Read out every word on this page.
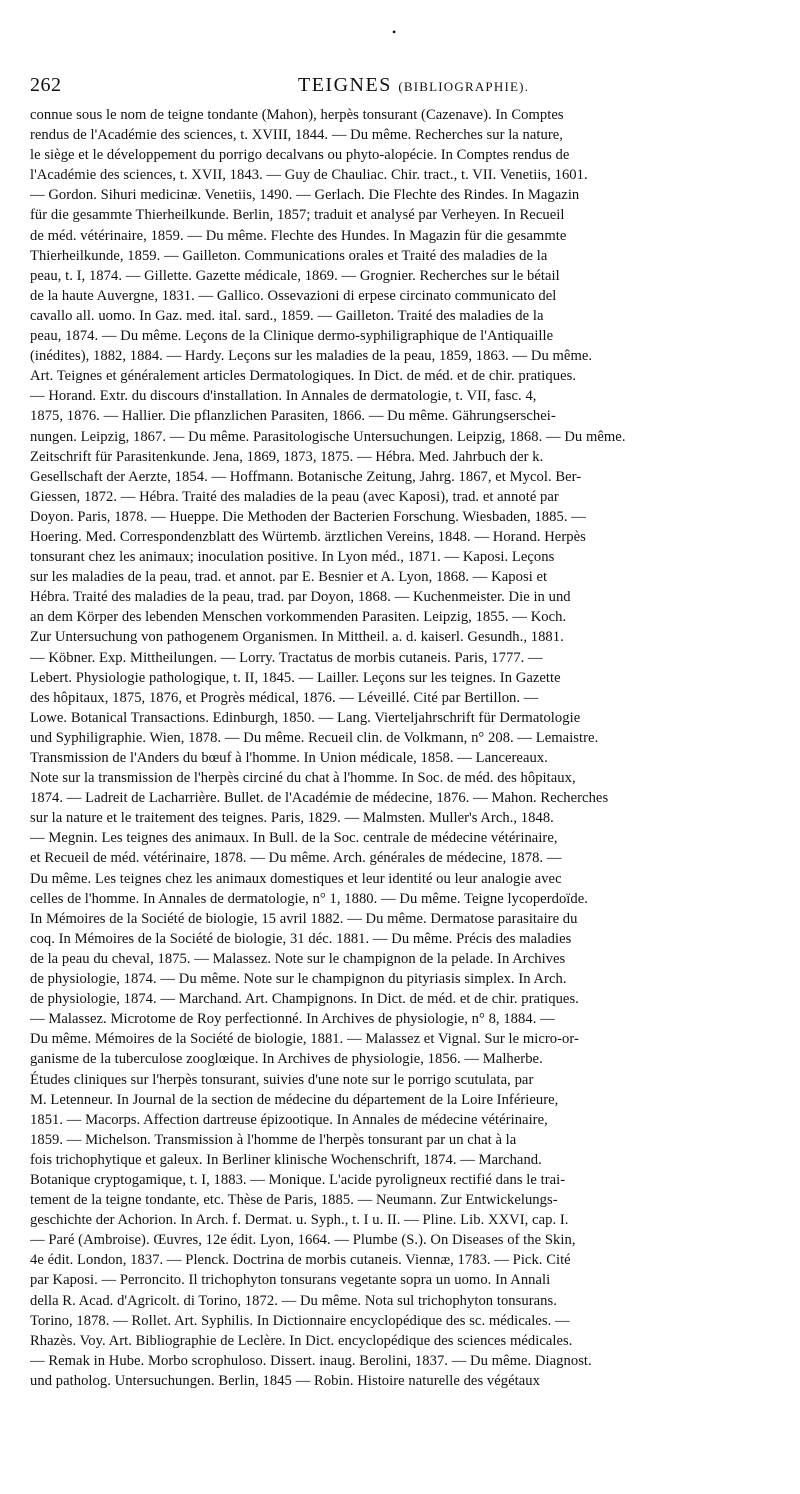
•
262	TEIGNES (BIBLIOGRAPHIE).

connue sous le nom de teigne tondante (Mahon), herpès tonsurant (Cazenave). In Comptes

rendus de l'Académie des sciences, t. XVIII, 1844. — Du même. Recherches sur la nature,

le siège et le développement du porrigo decalvans ou phyto-alopécie. In Comptes rendus de

l'Académie des sciences, t. XVII, 1843. — Guy de Chauliac. Chir. tract., t. VII. Venetiis, 1601.

— Gordon. Sihuri medicinæ. Venetiis, 1490. — Gerlach. Die Flechte des Rindes. In Magazin

für die gesammte Thierheilkunde. Berlin, 1857; traduit et analysé par Verheyen. In Recueil

de méd. vétérinaire, 1859. — Du même. Flechte des Hundes. In Magazin für die gesammte

Thierheilkunde, 1859. — Gailleton. Communications orales et Traité des maladies de la

peau, t. I, 1874. — Gillette. Gazette médicale, 1869. — Grognier. Recherches sur le bétail

de la haute Auvergne, 1831. — Gallico. Ossevazioni di erpese circinato communicato del

cavallo all. uomo. In Gaz. med. ital. sard., 1859. — Gailleton. Traité des maladies de la

peau, 1874. — Du même. Leçons de la Clinique dermo-syphiligraphique de l'Antiquaille

(inédites), 1882, 1884. — Hardy. Leçons sur les maladies de la peau, 1859, 1863. — Du même.

Art. Teignes et généralement articles Dermatologiques. In Dict. de méd. et de chir. pratiques.

— Horand. Extr. du discours d'installation. In Annales de dermatologie, t. VII, fasc. 4,

1875, 1876. — Hallier. Die pflanzlichen Parasiten, 1866. — Du même. Gährungserschei-

nungen. Leipzig, 1867. — Du même. Parasitologische Untersuchungen. Leipzig, 1868. — Du même.

Zeitschrift für Parasitenkunde. Jena, 1869, 1873, 1875. — Hébra. Med. Jahrbuch der k.

Gesellschaft der Aerzte, 1854. — Hoffmann. Botanische Zeitung, Jahrg. 1867, et Mycol. Ber-

Giessen, 1872. — Hébra. Traité des maladies de la peau (avec Kaposi), trad. et annoté par

Doyon. Paris, 1878. — Hueppe. Die Methoden der Bacterien Forschung. Wiesbaden, 1885. —

Hoering. Med. Correspondenzblatt des Würtemb. ärztlichen Vereins, 1848. — Horand. Herpès

tonsurant chez les animaux; inoculation positive. In Lyon méd., 1871. — Kaposi. Leçons

sur les maladies de la peau, trad. et annot. par E. Besnier et A. Lyon, 1868. — Kaposi et

Hébra. Traité des maladies de la peau, trad. par Doyon, 1868. — Kuchenmeister. Die in und

an dem Körper des lebenden Menschen vorkommenden Parasiten. Leipzig, 1855. — Koch.

Zur Untersuchung von pathogenem Organismen. In Mittheil. a. d. kaiserl. Gesundh., 1881.

— Köbner. Exp. Mittheilungen. — Lorry. Tractatus de morbis cutaneis. Paris, 1777. —

Lebert. Physiologie pathologique, t. II, 1845. — Lailler. Leçons sur les teignes. In Gazette

des hôpitaux, 1875, 1876, et Progrès médical, 1876. — Léveillé. Cité par Bertillon. —

Lowe. Botanical Transactions. Edinburgh, 1850. — Lang. Vierteljahrschrift für Dermatologie

und Syphiligraphie. Wien, 1878. — Du même. Recueil clin. de Volkmann, n° 208. — Lemaistre.

Transmission de l'Anders du bœuf à l'homme. In Union médicale, 1858. — Lancereaux.

Note sur la transmission de l'herpès circiné du chat à l'homme. In Soc. de méd. des hôpitaux,

1874. — Ladreit de Lacharrière. Bullet. de l'Académie de médecine, 1876. — Mahon. Recherches

sur la nature et le traitement des teignes. Paris, 1829. — Malmsten. Muller's Arch., 1848.

— Megnin. Les teignes des animaux. In Bull. de la Soc. centrale de médecine vétérinaire,

et Recueil de méd. vétérinaire, 1878. — Du même. Arch. générales de médecine, 1878. —

Du même. Les teignes chez les animaux domestiques et leur identité ou leur analogie avec

celles de l'homme. In Annales de dermatologie, n° 1, 1880. — Du même. Teigne lycoperdoïde.

In Mémoires de la Société de biologie, 15 avril 1882. — Du même. Dermatose parasitaire du

coq. In Mémoires de la Société de biologie, 31 déc. 1881. — Du même. Précis des maladies

de la peau du cheval, 1875. — Malassez. Note sur le champignon de la pelade. In Archives

de physiologie, 1874. — Du même. Note sur le champignon du pityriasis simplex. In Arch.

de physiologie, 1874. — Marchand. Art. Champignons. In Dict. de méd. et de chir. pratiques.

— Malassez. Microtome de Roy perfectionné. In Archives de physiologie, n° 8, 1884. —

Du même. Mémoires de la Société de biologie, 1881. — Malassez et Vignal. Sur le micro-or-

ganisme de la tuberculose zooglœique. In Archives de physiologie, 1856. — Malherbe.

Études cliniques sur l'herpès tonsurant, suivies d'une note sur le porrigo scutulata, par

M. Letenneur. In Journal de la section de médecine du département de la Loire Inférieure,

1851. — Macorps. Affection dartreuse épizootique. In Annales de médecine vétérinaire,

1859. — Michelson. Transmission à l'homme de l'herpès tonsurant par un chat à la

fois trichophytique et galeux. In Berliner klinische Wochenschrift, 1874. — Marchand.

Botanique cryptogamique, t. I, 1883. — Monique. L'acide pyroligneux rectifié dans le trai-

tement de la teigne tondante, etc. Thèse de Paris, 1885. — Neumann. Zur Entwickelungs-

geschichte der Achorion. In Arch. f. Dermat. u. Syph., t. I u. II. — Pline. Lib. XXVI, cap. I.

— Paré (Ambroise). Œuvres, 12e édit. Lyon, 1664. — Plumbe (S.). On Diseases of the Skin,

4e édit. London, 1837. — Plenck. Doctrina de morbis cutaneis. Viennæ, 1783. — Pick. Cité

par Kaposi. — Perroncito. Il trichophyton tonsurans vegetante sopra un uomo. In Annali

della R. Acad. d'Agricolt. di Torino, 1872. — Du même. Nota sul trichophyton tonsurans.

Torino, 1878. — Rollet. Art. Syphilis. In Dictionnaire encyclopédique des sc. médicales. —

Rhazès. Voy. Art. Bibliographie de Leclère. In Dict. encyclopédique des sciences médicales.

— Remak in Hube. Morbo scrophuloso. Dissert. inaug. Berolini, 1837. — Du même. Diagnost.

und patholog. Untersuchungen. Berlin, 1845 — Robin. Histoire naturelle des végétaux
